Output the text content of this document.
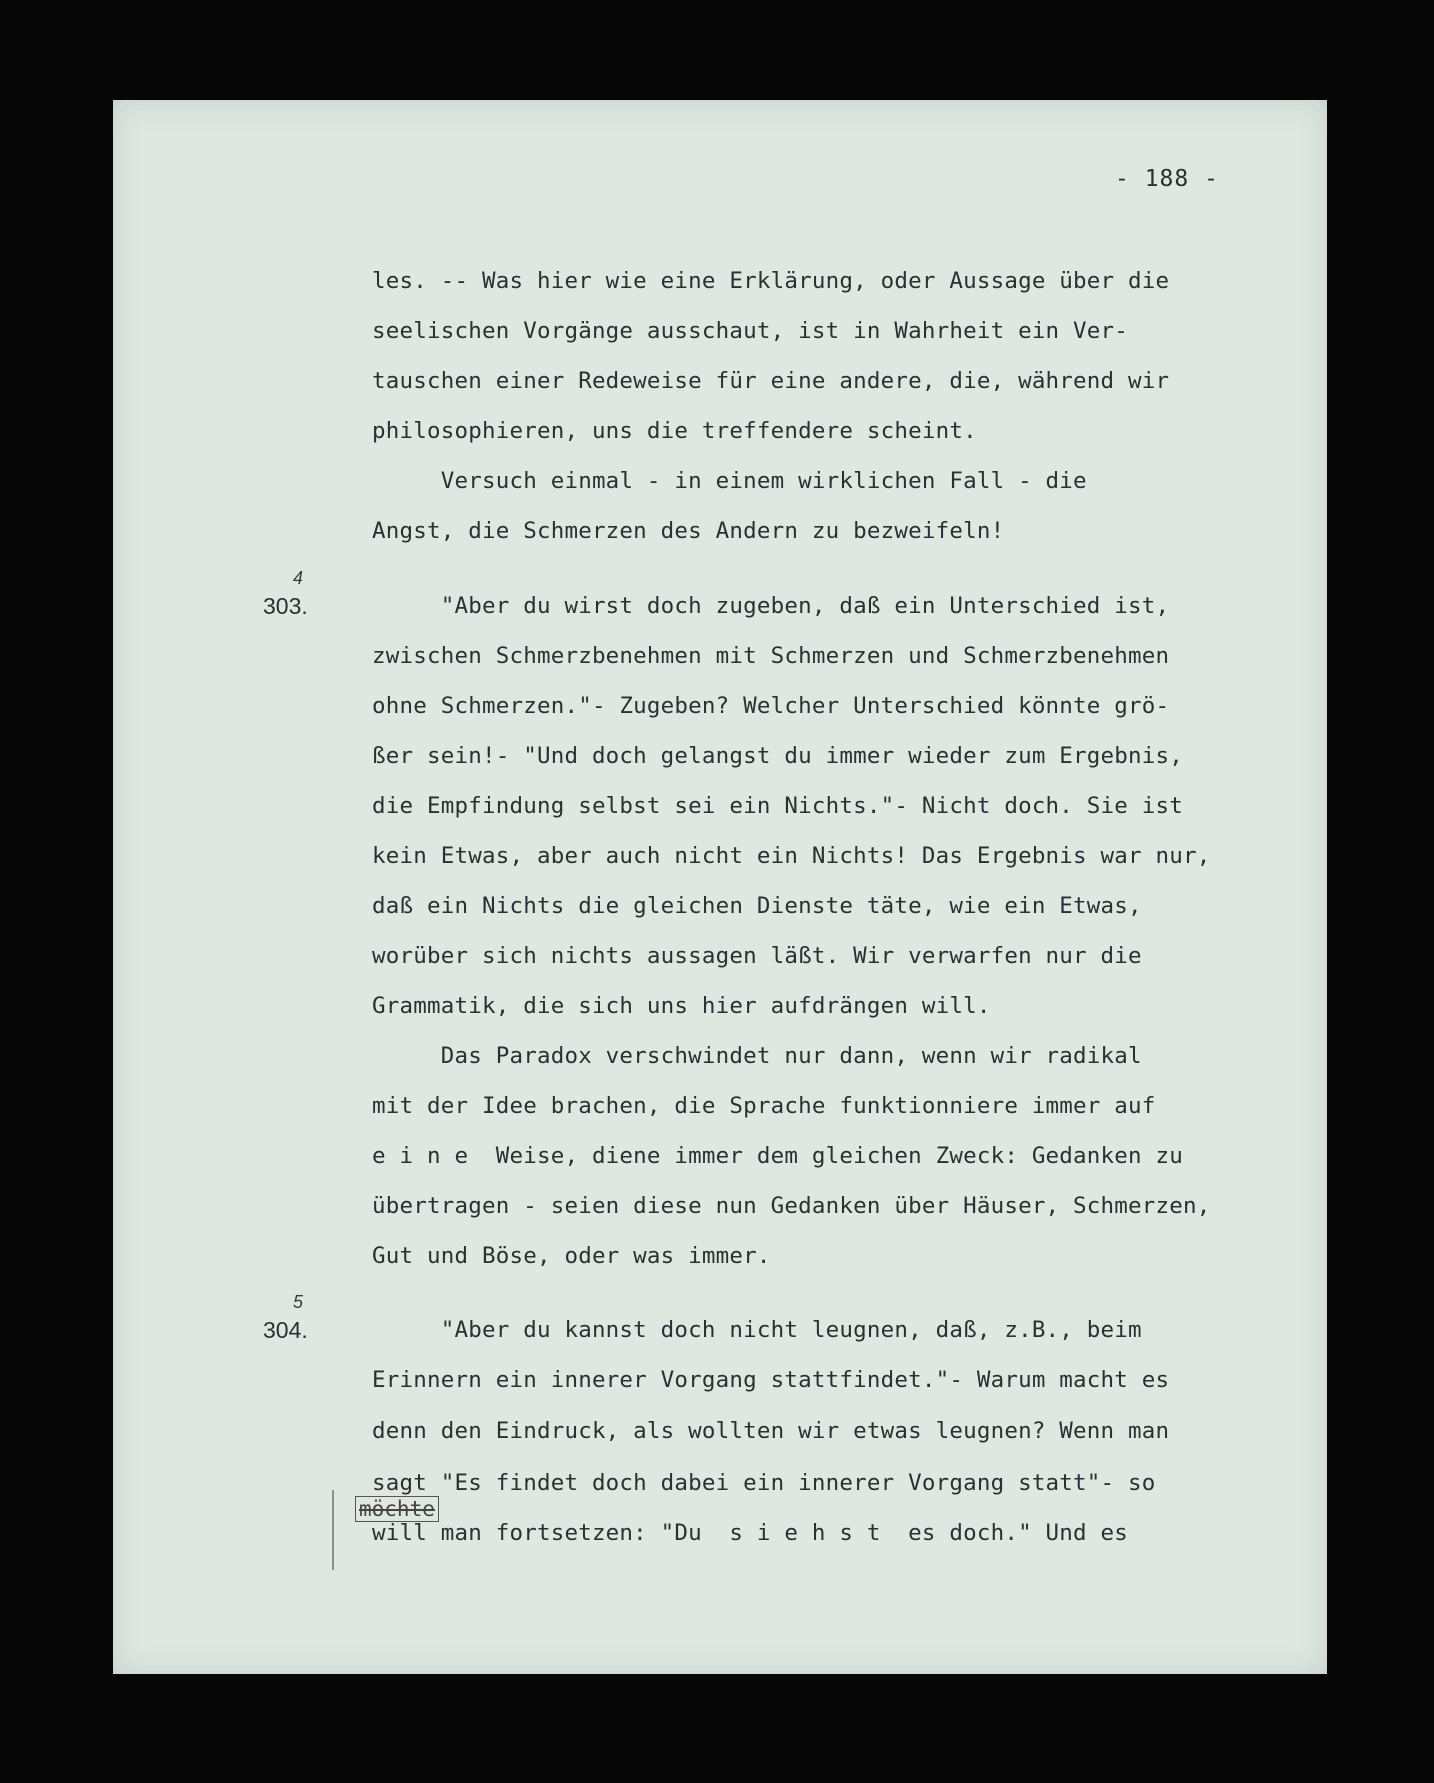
- 188 -
303.
4
304.
5
les. -- Was hier wie eine Erklärung, oder Aussage über die
seelischen Vorgänge ausschaut, ist in Wahrheit ein Ver-
tauschen einer Redeweise für eine andere, die, während wir
philosophieren, uns die treffendere scheint.
Versuch einmal - in einem wirklichen Fall - die
Angst, die Schmerzen des Andern zu bezweifeln!
"Aber du wirst doch zugeben, daß ein Unterschied ist,
zwischen Schmerzbenehmen mit Schmerzen und Schmerzbenehmen
ohne Schmerzen."- Zugeben? Welcher Unterschied könnte grö-
ßer sein!- "Und doch gelangst du immer wieder zum Ergebnis,
die Empfindung selbst sei ein Nichts."- Nicht doch. Sie ist
kein Etwas, aber auch nicht ein Nichts! Das Ergebnis war nur,
daß ein Nichts die gleichen Dienste täte, wie ein Etwas,
worüber sich nichts aussagen läßt. Wir verwarfen nur die
Grammatik, die sich uns hier aufdrängen will.
Das Paradox verschwindet nur dann, wenn wir radikal
mit der Idee brachen, die Sprache funktionniere immer auf
e i n e  Weise, diene immer dem gleichen Zweck: Gedanken zu
übertragen - seien diese nun Gedanken über Häuser, Schmerzen,
Gut und Böse, oder was immer.
"Aber du kannst doch nicht leugnen, daß, z.B., beim
Erinnern ein innerer Vorgang stattfindet."- Warum macht es
denn den Eindruck, als wollten wir etwas leugnen? Wenn man
sagt "Es findet doch dabei ein innerer Vorgang statt"- so
möchte
will man fortsetzen: "Du  s i e h s t  es doch." Und es
